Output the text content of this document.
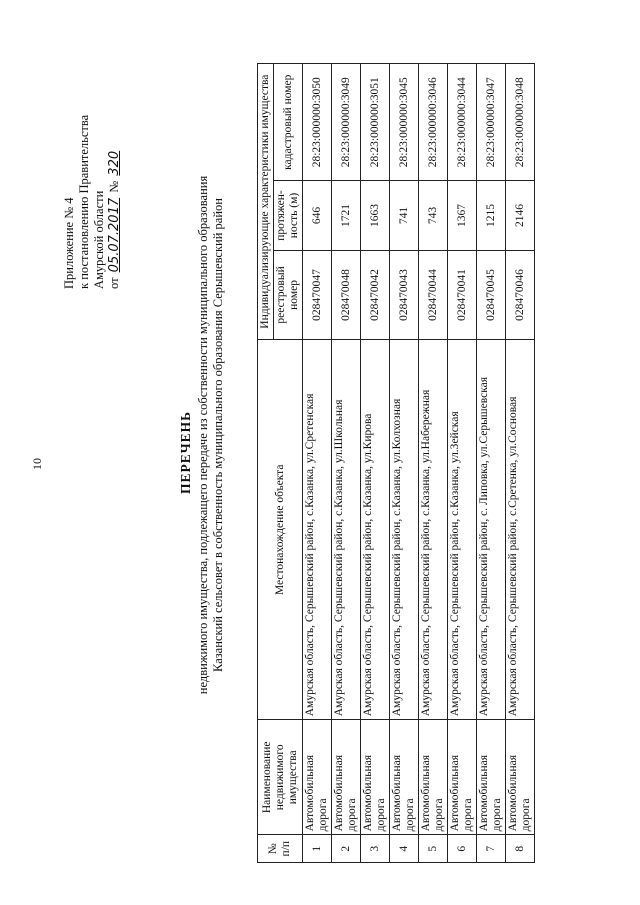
10
Приложение № 4 к постановлению Правительства Амурской области от 05.07.2017 № 320
ПЕРЕЧЕНЬ недвижимого имущества, подлежащего передаче из собственности муниципального образования Казанский сельсовет в собственность муниципального образования Серышевский район
№ п/п	Наименование недвижимого имущества	Местонахождение объекта	Индивидуализирующие характеристики имущества		
			реестровый номер	протяжен-ность (м)	кадастровый номер
1	Автомобильная дорога	Амурская область, Серышевский район, с.Казанка, ул.Сретенская	028470047	646	28:23:000000:3050
2	Автомобильная дорога	Амурская область, Серышевский район, с.Казанка, ул.Школьная	028470048	1721	28:23:000000:3049
3	Автомобильная дорога	Амурская область, Серышевский район, с.Казанка, ул.Кирова	028470042	1663	28:23:000000:3051
4	Автомобильная дорога	Амурская область, Серышевский район, с.Казанка, ул.Колхозная	028470043	741	28:23:000000:3045
5	Автомобильная дорога	Амурская область, Серышевский район, с.Казанка, ул.Набережная	028470044	743	28:23:000000:3046
6	Автомобильная дорога	Амурская область, Серышевский район, с.Казанка, ул.Зейская	028470041	1367	28:23:000000:3044
7	Автомобильная дорога	Амурская область, Серышевский район, с. Липовка, ул.Серышевская	028470045	1215	28:23:000000:3047
8	Автомобильная дорога	Амурская область, Серышевский район, с.Сретенка, ул.Сосновая	028470046	2146	28:23:000000:3048
